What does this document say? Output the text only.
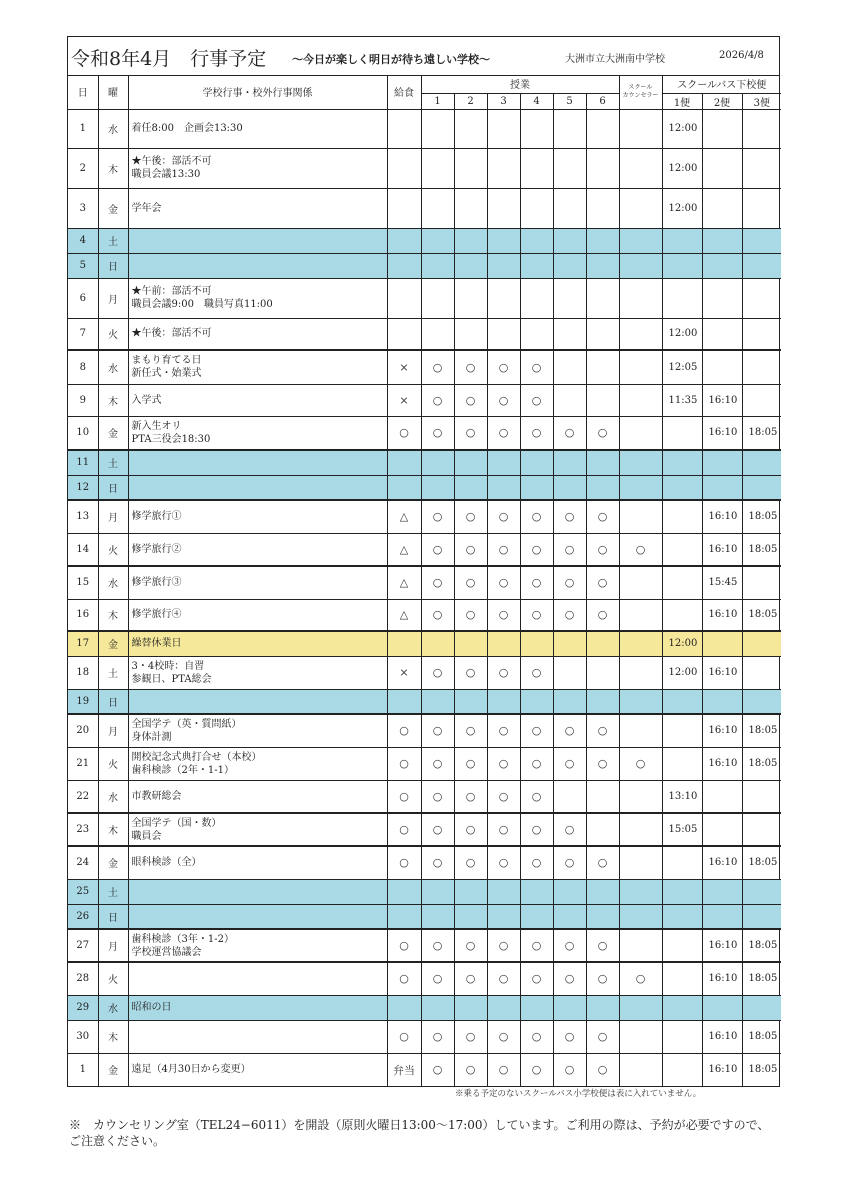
令和8年4月　行事予定 ～今日が楽しく明日が待ち遠しい学校～	大洲市立大洲南中学校	2026/4/8
日	曜	学校行事・校外行事関係	給食	授業						スクール
カウンセラー	スクールバス下校便		
				1	2	3	4	5	6		1便	2便	3便
1	水	着任8:00　企画会13:30									12:00		
2	木	★午後：部活不可
職員会議13:30									12:00		
3	金	学年会									12:00		
4	土												
5	日												
6	月	★午前：部活不可
職員会議9:00　職員写真11:00											
7	火	★午後：部活不可									12:00		
8	水	まもり育てる日
新任式・始業式	×	○	○	○	○				12:05		
9	木	入学式	×	○	○	○	○				11:35	16:10	
10	金	新入生オリ
PTA三役会18:30	○	○	○	○	○	○	○			16:10	18:05
11	土												
12	日												
13	月	修学旅行①	△	○	○	○	○	○	○			16:10	18:05
14	火	修学旅行②	△	○	○	○	○	○	○	○		16:10	18:05
15	水	修学旅行③	△	○	○	○	○	○	○			15:45	
16	木	修学旅行④	△	○	○	○	○	○	○			16:10	18:05
17	金	繰替休業日									12:00		
18	土	3・4校時：自習
参観日、PTA総会	×	○	○	○	○				12:00	16:10	
19	日												
20	月	全国学テ（英・質問紙）
身体計測	○	○	○	○	○	○	○			16:10	18:05
21	火	開校記念式典打合せ（本校）
歯科検診（2年・1-1）	○	○	○	○	○	○	○	○		16:10	18:05
22	水	市教研総会	○	○	○	○	○				13:10		
23	木	全国学テ（国・数）
職員会	○	○	○	○	○	○			15:05		
24	金	眼科検診（全）	○	○	○	○	○	○	○			16:10	18:05
25	土												
26	日												
27	月	歯科検診（3年・1-2）
学校運営協議会	○	○	○	○	○	○	○			16:10	18:05
28	火		○	○	○	○	○	○	○	○		16:10	18:05
29	水	昭和の日											
30	木		○	○	○	○	○	○	○			16:10	18:05
1	金	遠足（4月30日から変更）	弁当	○	○	○	○	○	○			16:10	18:05
※乗る予定のないスクールバス小学校便は表に入れていません。
※　カウンセリング室（TEL24−6011）を開設（原則火曜日13:00～17:00）しています。ご利用の際は、予約が必要ですので、
ご注意ください。
